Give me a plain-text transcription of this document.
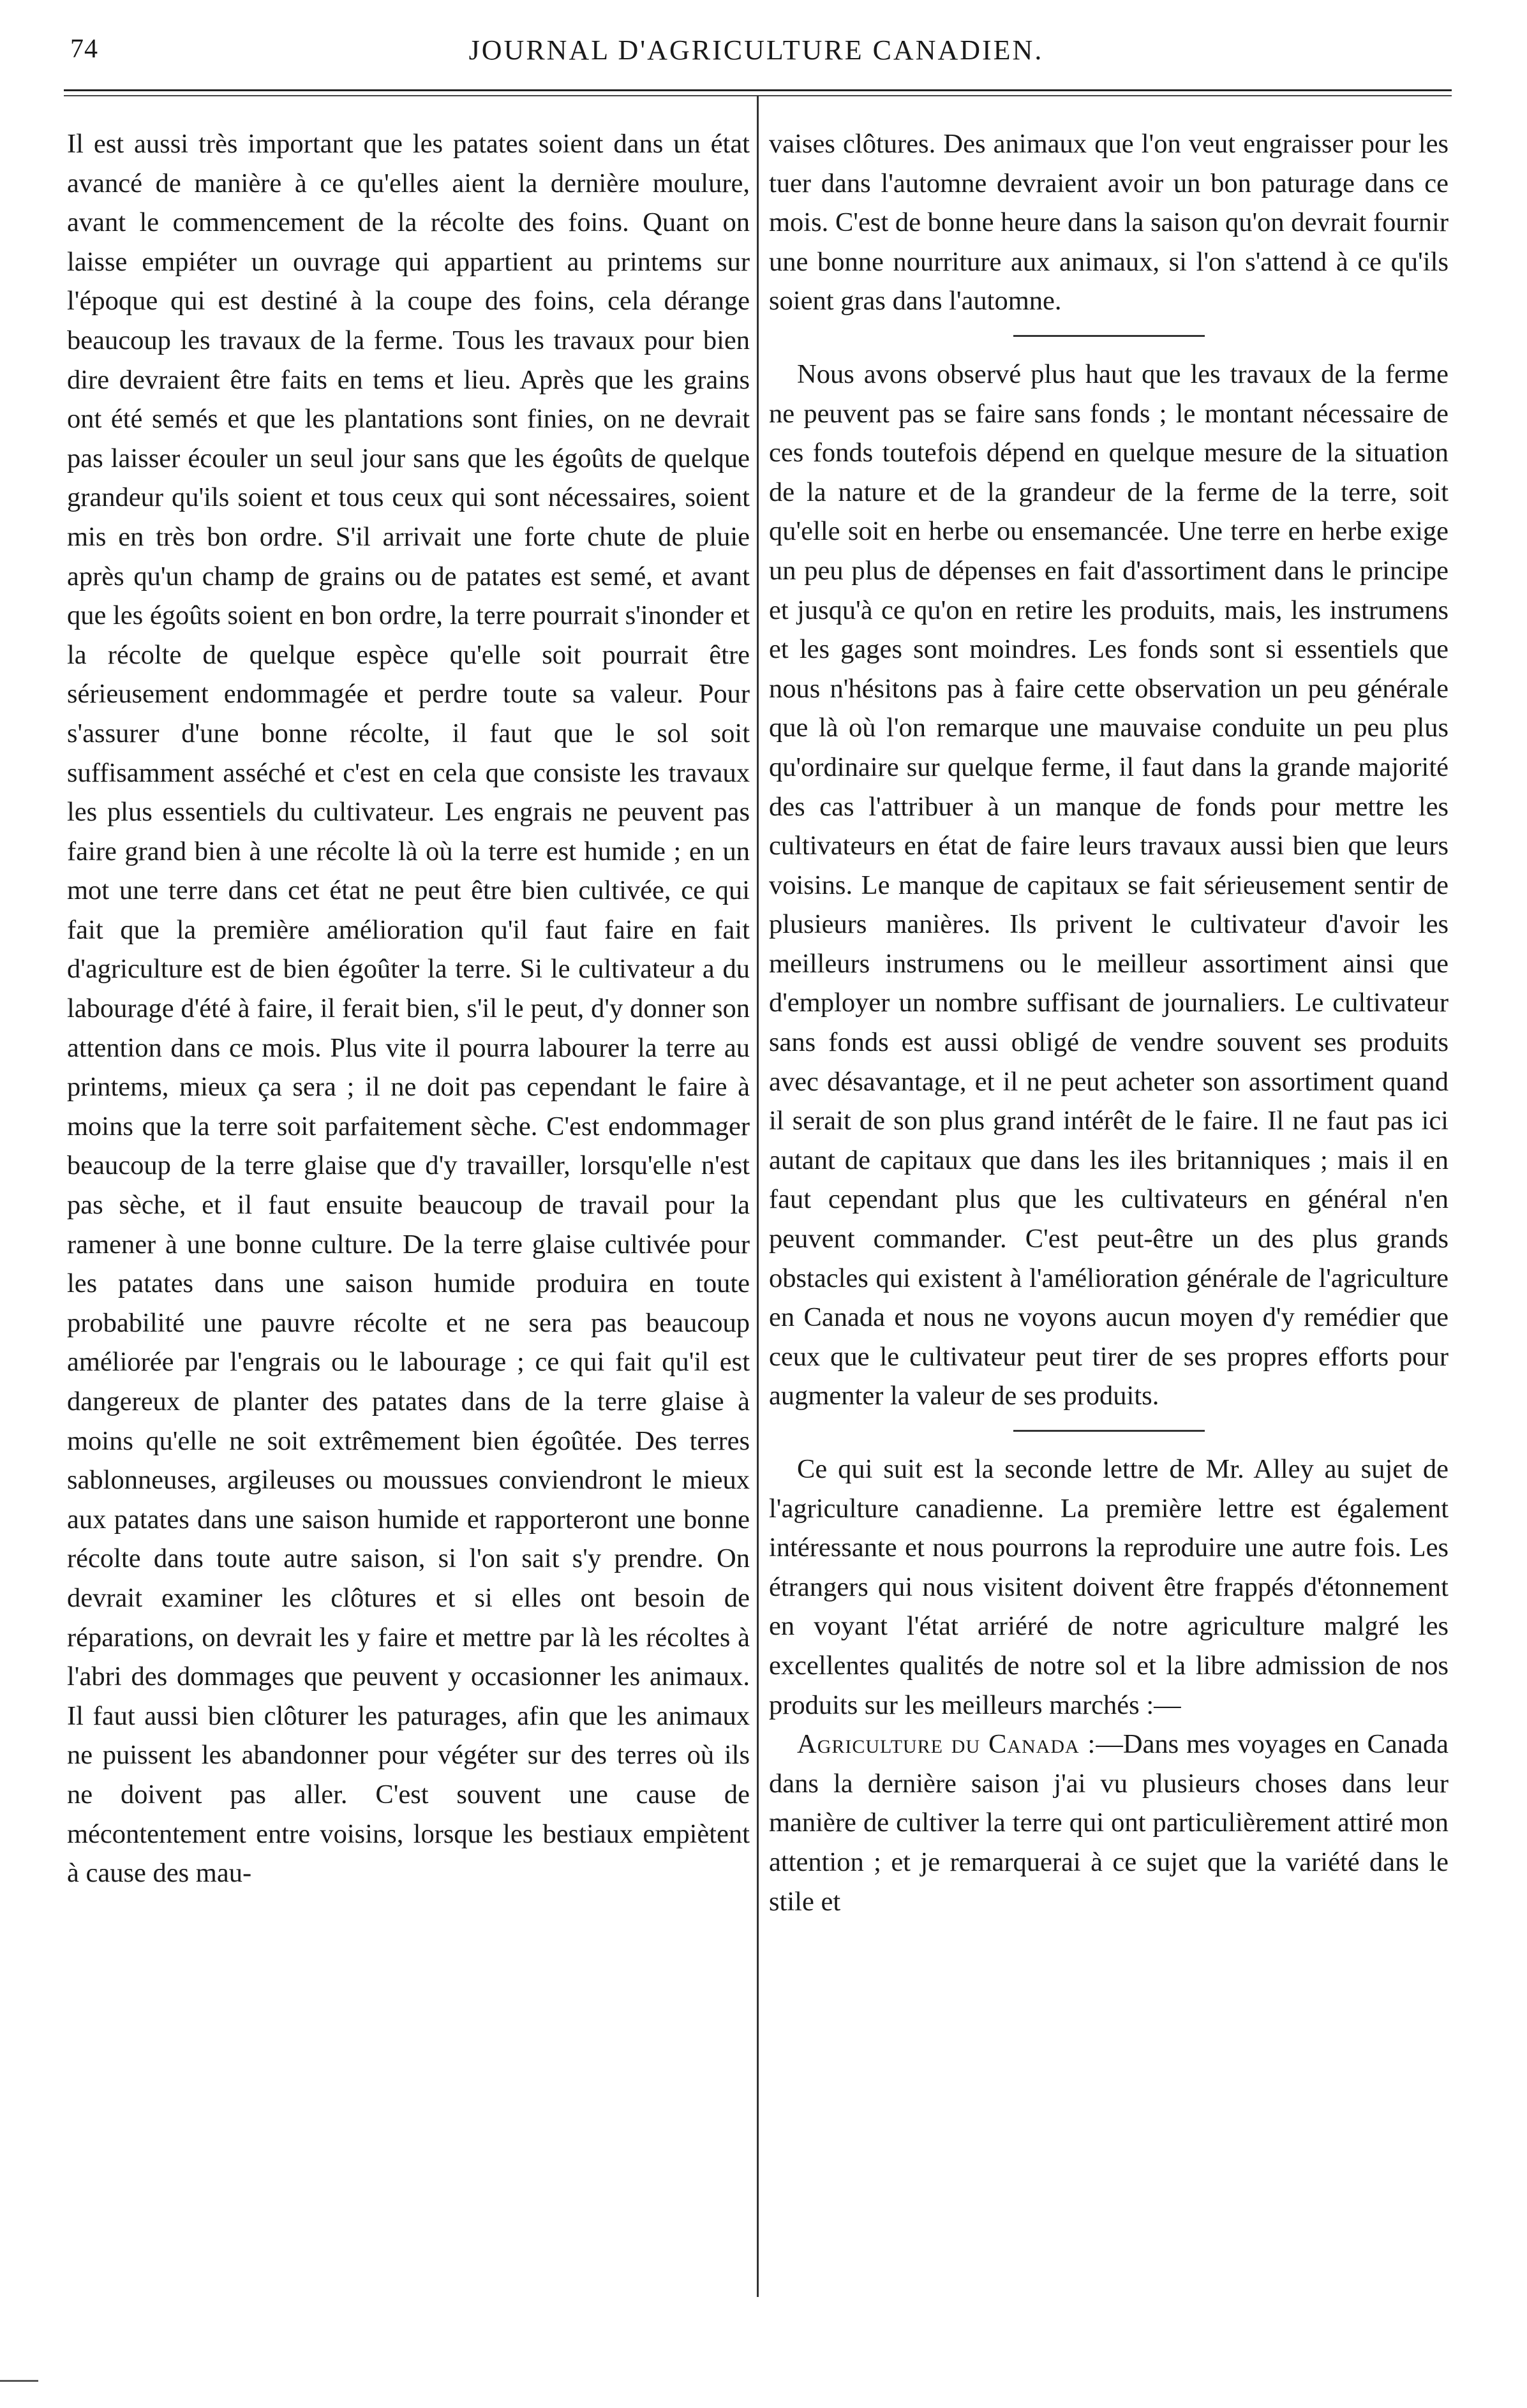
74	JOURNAL D'AGRICULTURE CANADIEN.

Il est aussi très important que les patates soient dans un état avancé de manière à ce qu'elles aient la dernière moulure, avant le commencement de la récolte des foins. Quant on laisse empiéter un ouvrage qui appartient au printems sur l'époque qui est destiné à la coupe des foins, cela dérange beaucoup les travaux de la ferme. Tous les travaux pour bien dire devraient être faits en tems et lieu. Après que les grains ont été semés et que les plantations sont finies, on ne devrait pas laisser écouler un seul jour sans que les égoûts de quelque grandeur qu'ils soient et tous ceux qui sont nécessaires, soient mis en très bon ordre. S'il arrivait une forte chute de pluie après qu'un champ de grains ou de patates est semé, et avant que les égoûts soient en bon ordre, la terre pourrait s'inonder et la récolte de quelque espèce qu'elle soit pourrait être sérieusement endommagée et perdre toute sa valeur. Pour s'assurer d'une bonne récolte, il faut que le sol soit suffisamment asséché et c'est en cela que consiste les travaux les plus essentiels du cultivateur. Les engrais ne peuvent pas faire grand bien à une récolte là où la terre est humide ; en un mot une terre dans cet état ne peut être bien cultivée, ce qui fait que la première amélioration qu'il faut faire en fait d'agriculture est de bien égoûter la terre. Si le cultivateur a du labourage d'été à faire, il ferait bien, s'il le peut, d'y donner son attention dans ce mois. Plus vite il pourra labourer la terre au printems, mieux ça sera ; il ne doit pas cependant le faire à moins que la terre soit parfaitement sèche. C'est endommager beaucoup de la terre glaise que d'y travailler, lorsqu'elle n'est pas sèche, et il faut ensuite beaucoup de travail pour la ramener à une bonne culture. De la terre glaise cultivée pour les patates dans une saison humide produira en toute probabilité une pauvre récolte et ne sera pas beaucoup améliorée par l'engrais ou le labourage ; ce qui fait qu'il est dangereux de planter des patates dans de la terre glaise à moins qu'elle ne soit extrêmement bien égoûtée. Des terres sablonneuses, argileuses ou moussues conviendront le mieux aux patates dans une saison humide et rapporteront une bonne récolte dans toute autre saison, si l'on sait s'y prendre. On devrait examiner les clôtures et si elles ont besoin de réparations, on devrait les y faire et mettre par là les récoltes à l'abri des dommages que peuvent y occasionner les animaux. Il faut aussi bien clôturer les paturages, afin que les animaux ne puissent les abandonner pour végéter sur des terres où ils ne doivent pas aller. C'est souvent une cause de mécontentement entre voisins, lorsque les bestiaux empiètent à cause des mau-

vaises clôtures. Des animaux que l'on veut engraisser pour les tuer dans l'automne devraient avoir un bon paturage dans ce mois. C'est de bonne heure dans la saison qu'on devrait fournir une bonne nourriture aux animaux, si l'on s'attend à ce qu'ils soient gras dans l'automne.

Nous avons observé plus haut que les travaux de la ferme ne peuvent pas se faire sans fonds ; le montant nécessaire de ces fonds toutefois dépend en quelque mesure de la situation de la nature et de la grandeur de la ferme de la terre, soit qu'elle soit en herbe ou ensemancée. Une terre en herbe exige un peu plus de dépenses en fait d'assortiment dans le principe et jusqu'à ce qu'on en retire les produits, mais, les instrumens et les gages sont moindres. Les fonds sont si essentiels que nous n'hésitons pas à faire cette observation un peu générale que là où l'on remarque une mauvaise conduite un peu plus qu'ordinaire sur quelque ferme, il faut dans la grande majorité des cas l'attribuer à un manque de fonds pour mettre les cultivateurs en état de faire leurs travaux aussi bien que leurs voisins. Le manque de capitaux se fait sérieusement sentir de plusieurs manières. Ils privent le cultivateur d'avoir les meilleurs instrumens ou le meilleur assortiment ainsi que d'employer un nombre suffisant de journaliers. Le cultivateur sans fonds est aussi obligé de vendre souvent ses produits avec désavantage, et il ne peut acheter son assortiment quand il serait de son plus grand intérêt de le faire. Il ne faut pas ici autant de capitaux que dans les iles britanniques ; mais il en faut cependant plus que les cultivateurs en général n'en peuvent commander. C'est peut-être un des plus grands obstacles qui existent à l'amélioration générale de l'agriculture en Canada et nous ne voyons aucun moyen d'y remédier que ceux que le cultivateur peut tirer de ses propres efforts pour augmenter la valeur de ses produits.

Ce qui suit est la seconde lettre de Mr. Alley au sujet de l'agriculture canadienne. La première lettre est également intéressante et nous pourrons la reproduire une autre fois. Les étrangers qui nous visitent doivent être frappés d'étonnement en voyant l'état arriéré de notre agriculture malgré les excellentes qualités de notre sol et la libre admission de nos produits sur les meilleurs marchés :—

Agriculture du Canada :—Dans mes voyages en Canada dans la dernière saison j'ai vu plusieurs choses dans leur manière de cultiver la terre qui ont particulièrement attiré mon attention ; et je remarquerai à ce sujet que la variété dans le stile et
